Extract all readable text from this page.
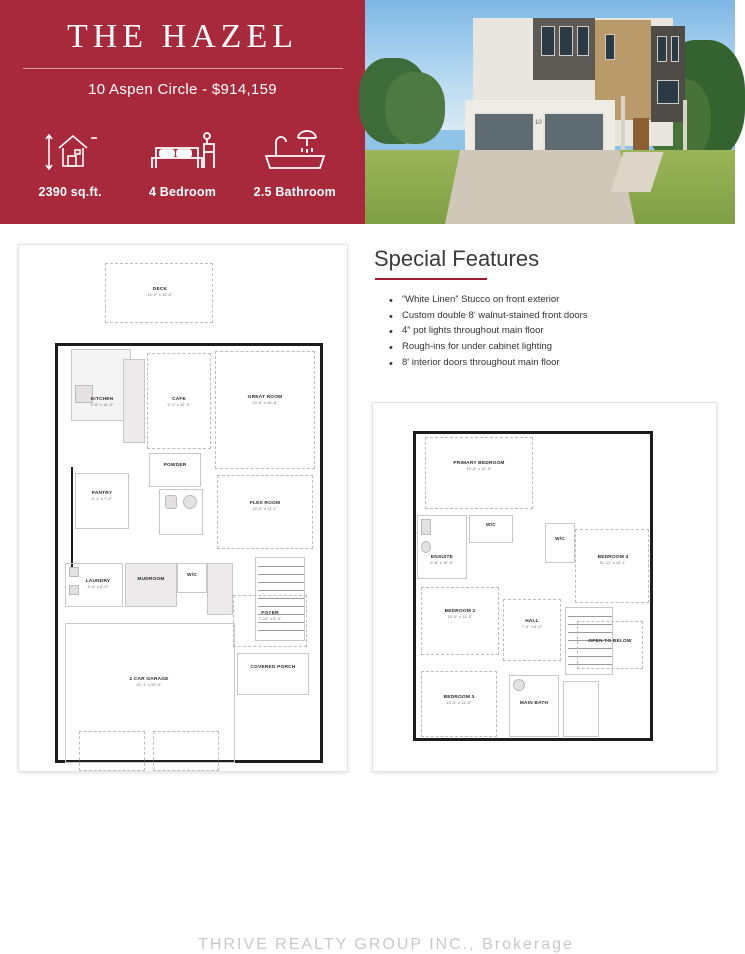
THE HAZEL
10 Aspen Circle - $914,159
2390 sq.ft.	4 Bedroom	2.5 Bathroom
10
Special Features
• “White Linen” Stucco on front exterior
• Custom double 8' walnut-stained front doors
• 4” pot lights throughout main floor
• Rough-ins for under cabinet lighting
• 8' interior doors throughout main floor
DECK
12'-0" x 10'-0"
KITCHEN
9'-8" x 16'-0"
CAFE
9'-1" x 12'-0"
GREAT ROOM
13'-0" x 16'-6"
PANTRY
5'-1" x 7'-0"
POWDER
FLEX ROOM
13'-0" x 11'-1"
LAUNDRY
5'-4" x 6'-0"
MUDROOM
W/C
FOYER
7'-10" x 9'-0"
2 CAR GARAGE
20'-1" x 20'-0"
COVERED PORCH
PRIMARY BEDROOM
15'-3" x 12'-0"
W/C
ENSUITE
9'-8" x 10'-0"
W/C
BEDROOM 4
11'-11" x 10'-1"
BEDROOM 2
10'-0" x 11'-0"
HALL
7'-0" x 6'-0"
OPEN TO BELOW
BEDROOM 3
10'-0" x 11'-0"	MAIN BATH
THRIVE REALTY GROUP INC., Brokerage
